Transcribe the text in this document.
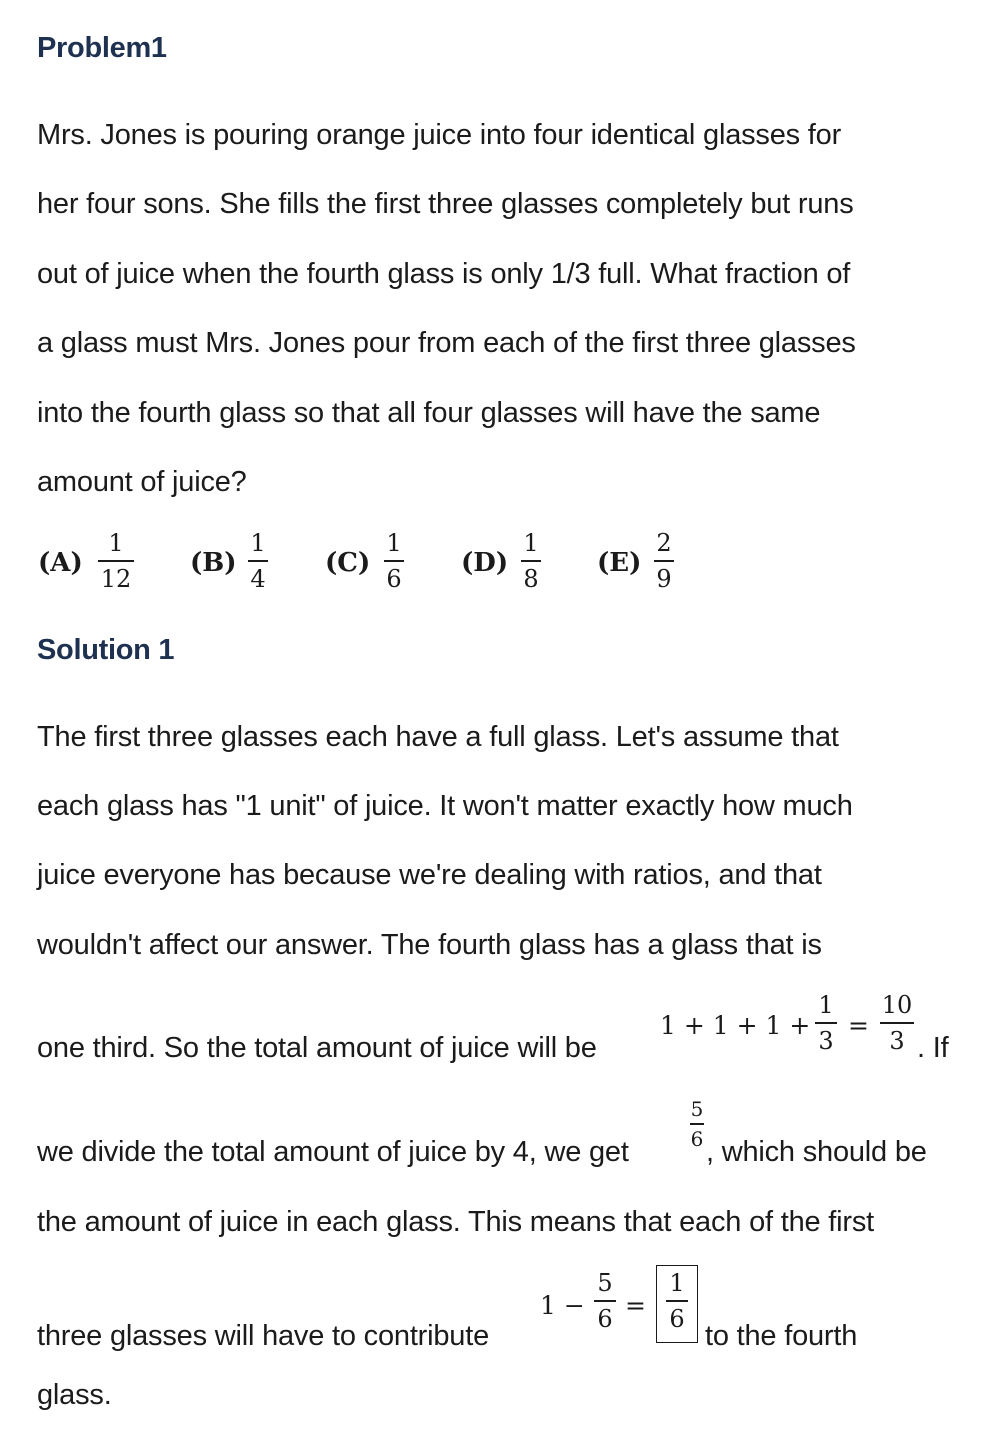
Problem1
Mrs. Jones is pouring orange juice into four identical glasses for
her four sons. She fills the first three glasses completely but runs
out of juice when the fourth glass is only 1/3 full. What fraction of
a glass must Mrs. Jones pour from each of the first three glasses
into the fourth glass so that all four glasses will have the same
amount of juice?
(A)
1
12
(B)
1
4
(C)
1
6
(D)
1
8
(E)
2
9
Solution 1
The first three glasses each have a full glass. Let's assume that
each glass has "1 unit" of juice. It won't matter exactly how much
juice everyone has because we're dealing with ratios, and that
wouldn't affect our answer. The fourth glass has a glass that is
one third. So the total amount of juice will be
1 + 1 + 1 +
1
3
=
10
3 . If
we divide the total amount of juice by 4, we get
5
6 , which should be
the amount of juice in each glass. This means that each of the first
three glasses will have to contribute
1 −
5
6 =
1
6
to the fourth
glass.
